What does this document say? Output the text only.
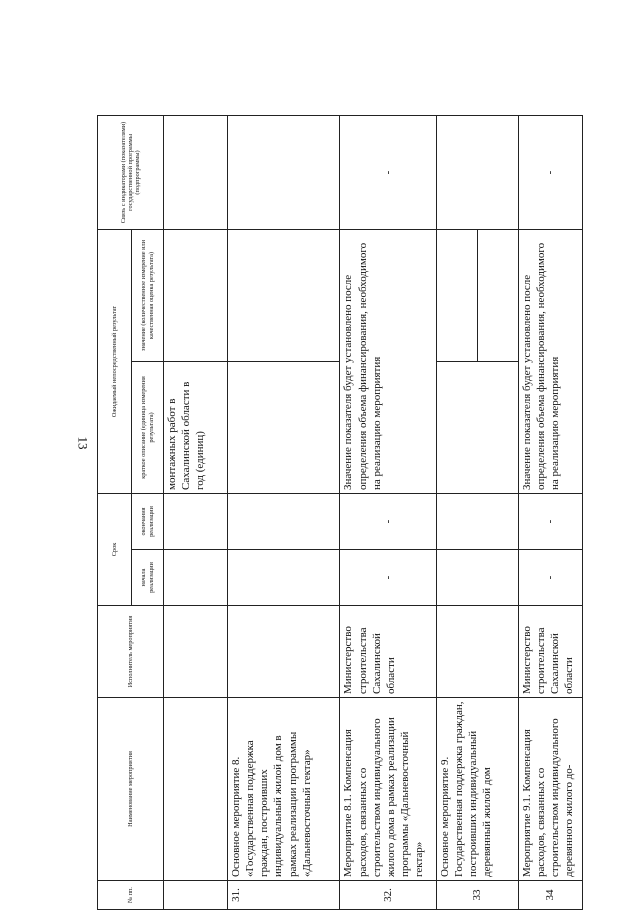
13
№ пп.	Наименование мероприятия	Исполнитель мероприятия	Срок	Ожидаемый непосредственный результат	Связь с индикаторами (показателями) государственной программы (подпрограммы)
начала реализации	окончания реализации	краткое описание (единица измерения результата)	значение (количественное измерение или качественная оценка результата)

					монтажных работ в Сахалинской области в год (единиц)		
31.	Основное мероприятие 8. «Государственная поддержка граждан, построивших индивидуальный жилой дом в рамках реализации программы «Дальневосточный гектар»						
32.	Мероприятие 8.1. Компенсация расходов, связанных со строительством индивидуального жилого дома в рамках реализации программы «Дальневосточный гектар»	Министерство строительства Сахалинской области	-	-	Значение показателя будет установлено после определения объема финансирования, необходимого на реализацию мероприятия	-
33	Основное мероприятие 9. Государственная поддержка граждан, построивших индивидуальный деревянный жилой дом					

34	Мероприятие 9.1. Компенсация расходов, связанных со строительством индивидуального деревянного жилого до-	Министерство строительства Сахалинской области	-	-	Значение показателя будет установлено после определения объема финансирования, необходимого на реализацию мероприятия	-
